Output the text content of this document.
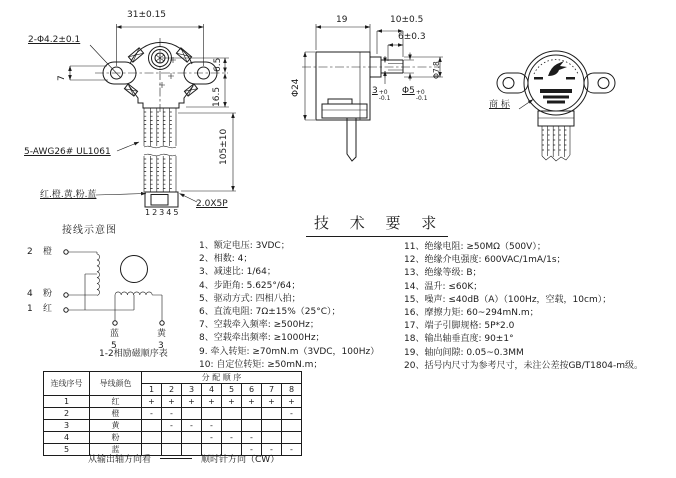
31±0.15
2-Φ4.2±0.1
7
6.5
16.5
105±10
5-AWG26# UL1061
红.橙.黄.粉.蓝
12345
2.0X5P
19	10±0.5
6±0.3
Φ24
Φ7.8
3 +0
-0.1
Φ5 +0
-0.1
商 标
接线示意图
2 橙
4 粉
1 红
蓝
5
黄
3
1-2相励磁顺序表
1、额定电压: 3VDC；
2、相数: 4；
3、减速比: 1/64；
4、步距角: 5.625°/64；
5、驱动方式: 四相八拍；
6、直流电阻: 7Ω±15%（25°C）；
7、空载牵入频率: ≥500Hz；
8、空载牵出频率: ≥1000Hz；
9. 牵入转矩: ≥70mN.m（3VDC，100Hz）
10: 自定位转矩: ≥50mN.m；
技 术 要 求
11、绝缘电阻: ≥50MΩ（500V）；
12、绝缘介电强度: 600VAC/1mA/1s；
13、绝缘等级: B；
14、温升: ≤60K；
15、噪声: ≤40dB（A）（100Hz，空载，10cm）；
16、摩擦力矩: 60~294mN.m；
17、端子引脚规格: 5P*2.0
18、输出轴垂直度: 90±1°
19、轴向间隙: 0.05~0.3MM
20、括号内尺寸为参考尺寸，未注公差按GB/T1804-m级。
连线序号	导线颜色	分 配 顺 序							
		1	2	3	4	5	6	7	8
1	红	+	+	+	+	+	+	+	+
2	橙	-	-						-
3	黄		-	-	-				
4	粉				-	-	-		
5	蓝						-	-	-
从输出轴方向看	顺时针方向（CW）
